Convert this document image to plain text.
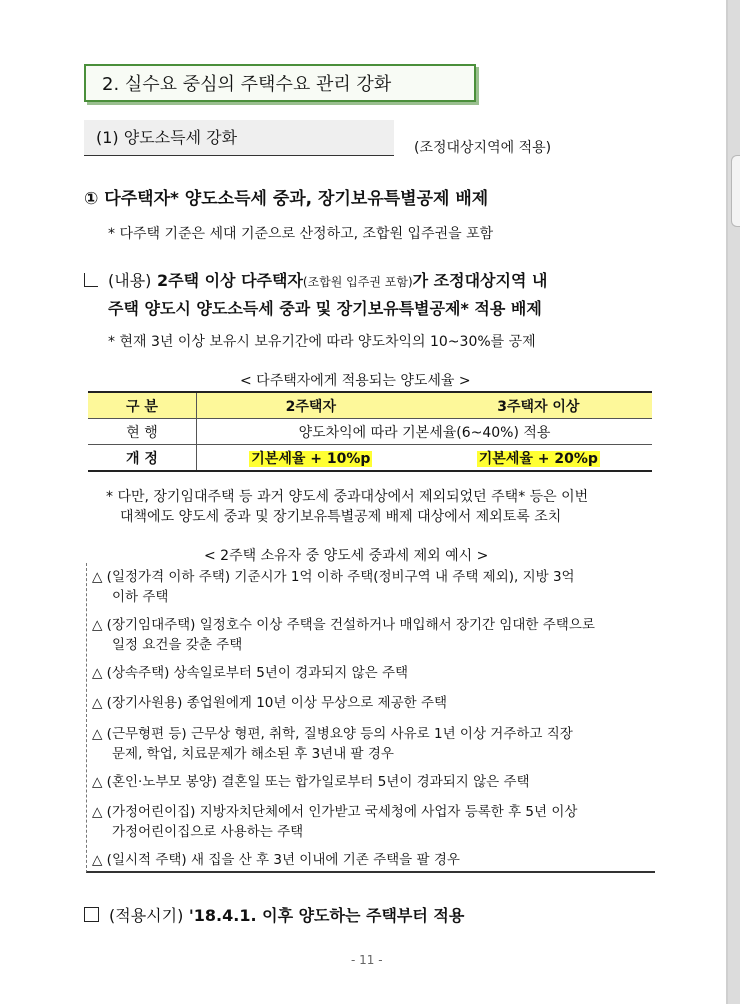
2. 실수요 중심의 주택수요 관리 강화
(1) 양도소득세 강화
(조정대상지역에 적용)
① 다주택자* 양도소득세 중과, 장기보유특별공제 배제
* 다주택 기준은 세대 기준으로 산정하고, 조합원 입주권을 포함
(내용) 2주택 이상 다주택자(조합원 입주권 포함)가 조정대상지역 내
주택 양도시 양도소득세 중과 및 장기보유특별공제* 적용 배제
* 현재 3년 이상 보유시 보유기간에 따라 양도차익의 10~30%를 공제
< 다주택자에게 적용되는 양도세율 >
구 분	2주택자	3주택자 이상
현 행	양도차익에 따라 기본세율(6~40%) 적용	
개 정	기본세율 + 10%p	기본세율 + 20%p
* 다만, 장기임대주택 등 과거 양도세 중과대상에서 제외되었던 주택* 등은 이번
대책에도 양도세 중과 및 장기보유특별공제 배제 대상에서 제외토록 조치
< 2주택 소유자 중 양도세 중과세 제외 예시 >
△ (일정가격 이하 주택) 기준시가 1억 이하 주택(정비구역 내 주택 제외), 지방 3억
이하 주택
△ (장기임대주택) 일정호수 이상 주택을 건설하거나 매입해서 장기간 임대한 주택으로
일정 요건을 갖춘 주택
△ (상속주택) 상속일로부터 5년이 경과되지 않은 주택
△ (장기사원용) 종업원에게 10년 이상 무상으로 제공한 주택
△ (근무형편 등) 근무상 형편, 취학, 질병요양 등의 사유로 1년 이상 거주하고 직장
문제, 학업, 치료문제가 해소된 후 3년내 팔 경우
△ (혼인·노부모 봉양) 결혼일 또는 합가일로부터 5년이 경과되지 않은 주택
△ (가정어린이집) 지방자치단체에서 인가받고 국세청에 사업자 등록한 후 5년 이상
가정어린이집으로 사용하는 주택
△ (일시적 주택) 새 집을 산 후 3년 이내에 기존 주택을 팔 경우
(적용시기) '18.4.1. 이후 양도하는 주택부터 적용
- 11 -
